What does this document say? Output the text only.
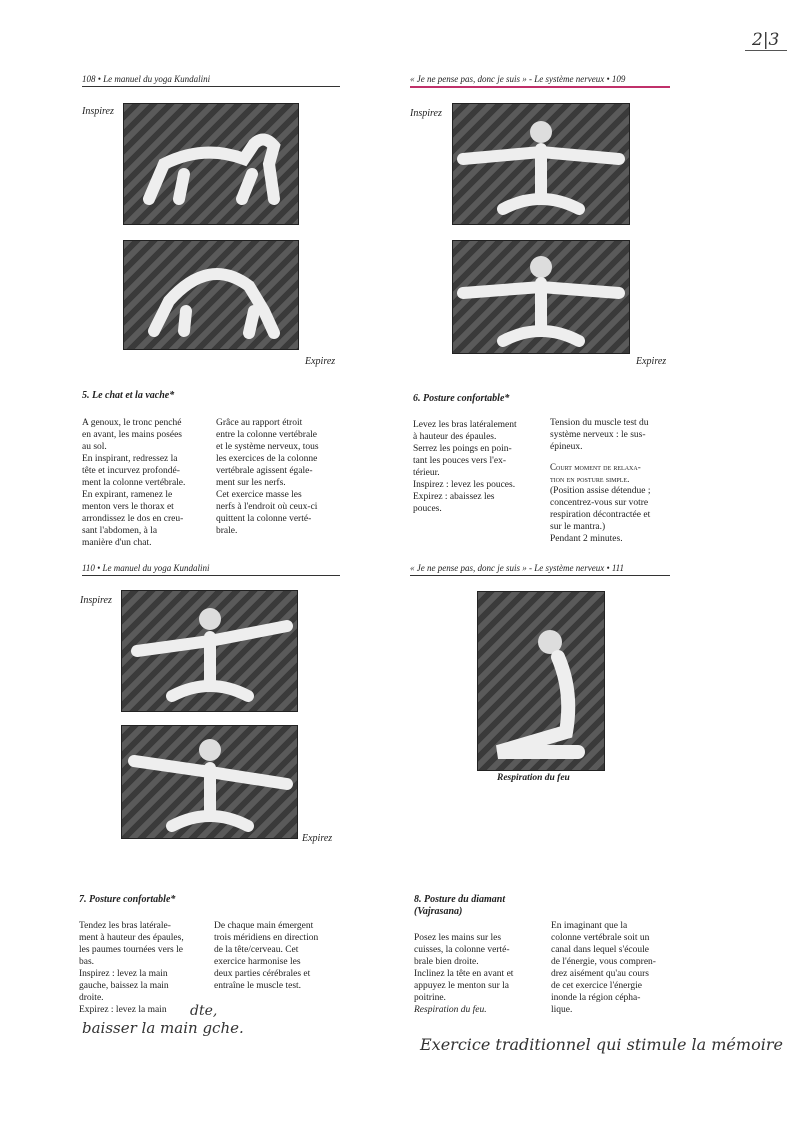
2|3
108 • Le manuel du yoga Kundalini	« Je ne pense pas, donc je suis » - Le système nerveux • 109
Inspirez
Expirez
Inspirez
Expirez
5. Le chat et la vache*

A genoux, le tronc penché

en avant, les mains posées

au sol.

En inspirant, redressez la

tête et incurvez profondé-

ment la colonne vertébrale.

En expirant, ramenez le

menton vers le thorax et

arrondissez le dos en creu-

sant l'abdomen, à la

manière d'un chat.

Grâce au rapport étroit

entre la colonne vertébrale

et le système nerveux, tous

les exercices de la colonne

vertébrale agissent égale-

ment sur les nerfs.

Cet exercice masse les

nerfs à l'endroit où ceux-ci

quittent la colonne verté-

brale.

6. Posture confortable*

Levez les bras latéralement

à hauteur des épaules.

Serrez les poings en poin-

tant les pouces vers l'ex-

térieur.

Inspirez : levez les pouces.

Expirez : abaissez les

pouces.

Tension du muscle test du

système nerveux : le sus-

épineux.

Court moment de relaxa-

tion en posture simple.

(Position assise détendue ;

concentrez-vous sur votre

respiration décontractée et

sur le mantra.)

Pendant 2 minutes.

110 • Le manuel du yoga Kundalini	« Je ne pense pas, donc je suis » - Le système nerveux • 111
Inspirez
Expirez
Respiration du feu
7. Posture confortable*

Tendez les bras latérale-

ment à hauteur des épaules,

les paumes tournées vers le

bas.

Inspirez : levez la main

gauche, baissez la main

droite.

Expirez : levez la main	dte,
baisser la main gche.

De chaque main émergent

trois méridiens en direction

de la tête/cerveau. Cet

exercice harmonise les

deux parties cérébrales et

entraîne le muscle test.

8. Posture du diamant
(Vajrasana)

Posez les mains sur les

cuisses, la colonne verté-

brale bien droite.

Inclinez la tête en avant et

appuyez le menton sur la

poitrine.

Respiration du feu.

En imaginant que la

colonne vertébrale soit un

canal dans lequel s'écoule

de l'énergie, vous compren-

drez aisément qu'au cours

de cet exercice l'énergie

inonde la région cépha-

lique.

Exercice traditionnel qui stimule la mémoire
